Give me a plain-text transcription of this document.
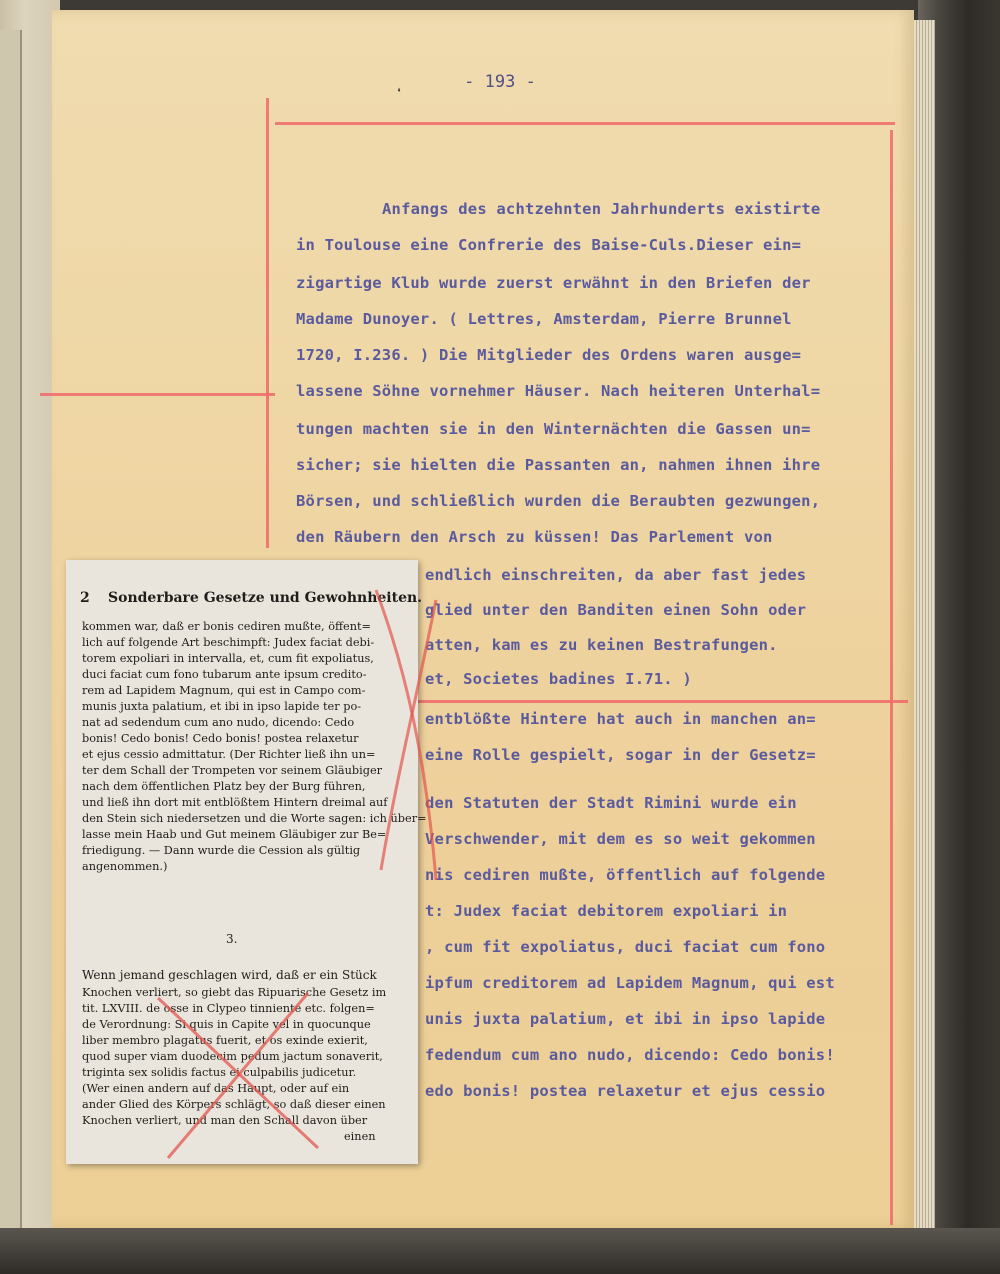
- 193 -
❛
Anfangs des achtzehnten Jahrhunderts existirte
in Toulouse eine Confrerie des Baise-Culs.Dieser ein=
zigartige Klub wurde zuerst erwähnt in den Briefen der
Madame Dunoyer. ( Lettres, Amsterdam, Pierre Brunnel
1720, I.236. ) Die Mitglieder des Ordens waren ausge=
lassene Söhne vornehmer Häuser. Nach heiteren Unterhal=
tungen machten sie in den Winternächten die Gassen un=
sicher; sie hielten die Passanten an, nahmen ihnen ihre
Börsen, und schließlich wurden die Beraubten gezwungen,
den Räubern den Arsch zu küssen! Das Parlement von
endlich einschreiten, da aber fast jedes
glied unter den Banditen einen Sohn oder
atten, kam es zu keinen Bestrafungen.
et, Societes badines I.71. )
entblößte Hintere hat auch in manchen an=
eine Rolle gespielt, sogar in der Gesetz=
den Statuten der Stadt Rimini wurde ein
Verschwender, mit dem es so weit gekommen
nis cediren mußte, öffentlich auf folgende
t: Judex faciat debitorem expoliari in
, cum fit expoliatus, duci faciat cum fono
ipfum creditorem ad Lapidem Magnum, qui est
unis juxta palatium, et ibi in ipso lapide
fedendum cum ano nudo, dicendo: Cedo bonis!
edo bonis! postea relaxetur et ejus cessio
2 Sonderbare Gesetze und Gewohnheiten.
kommen war, daß er bonis cediren mußte, öffent=
lich auf folgende Art beschimpft: Judex faciat debi-
torem expoliari in intervalla, et, cum fit expoliatus,
duci faciat cum fono tubarum ante ipsum credito-
rem ad Lapidem Magnum, qui est in Campo com-
munis juxta palatium, et ibi in ipso lapide ter po-
nat ad sedendum cum ano nudo, dicendo: Cedo
bonis! Cedo bonis! Cedo bonis! postea relaxetur
et ejus cessio admittatur. (Der Richter ließ ihn un=
ter dem Schall der Trompeten vor seinem Gläubiger
nach dem öffentlichen Platz bey der Burg führen,
und ließ ihn dort mit entblößtem Hintern dreimal auf
den Stein sich niedersetzen und die Worte sagen: ich über=
lasse mein Haab und Gut meinem Gläubiger zur Be=
friedigung. — Dann wurde die Cession als gültig
angenommen.)
3.
Wenn jemand geschlagen wird, daß er ein Stück
Knochen verliert, so giebt das Ripuarische Gesetz im
tit. LXVIII. de osse in Clypeo tinniente etc. folgen=
de Verordnung: Si quis in Capite vel in quocunque
liber membro plagatus fuerit, et os exinde exierit,
quod super viam duodecim pedum jactum sonaverit,
triginta sex solidis factus ei culpabilis judicetur.
(Wer einen andern auf das Haupt, oder auf ein
ander Glied des Körpers schlägt, so daß dieser einen
Knochen verliert, und man den Schall davon über
einen
